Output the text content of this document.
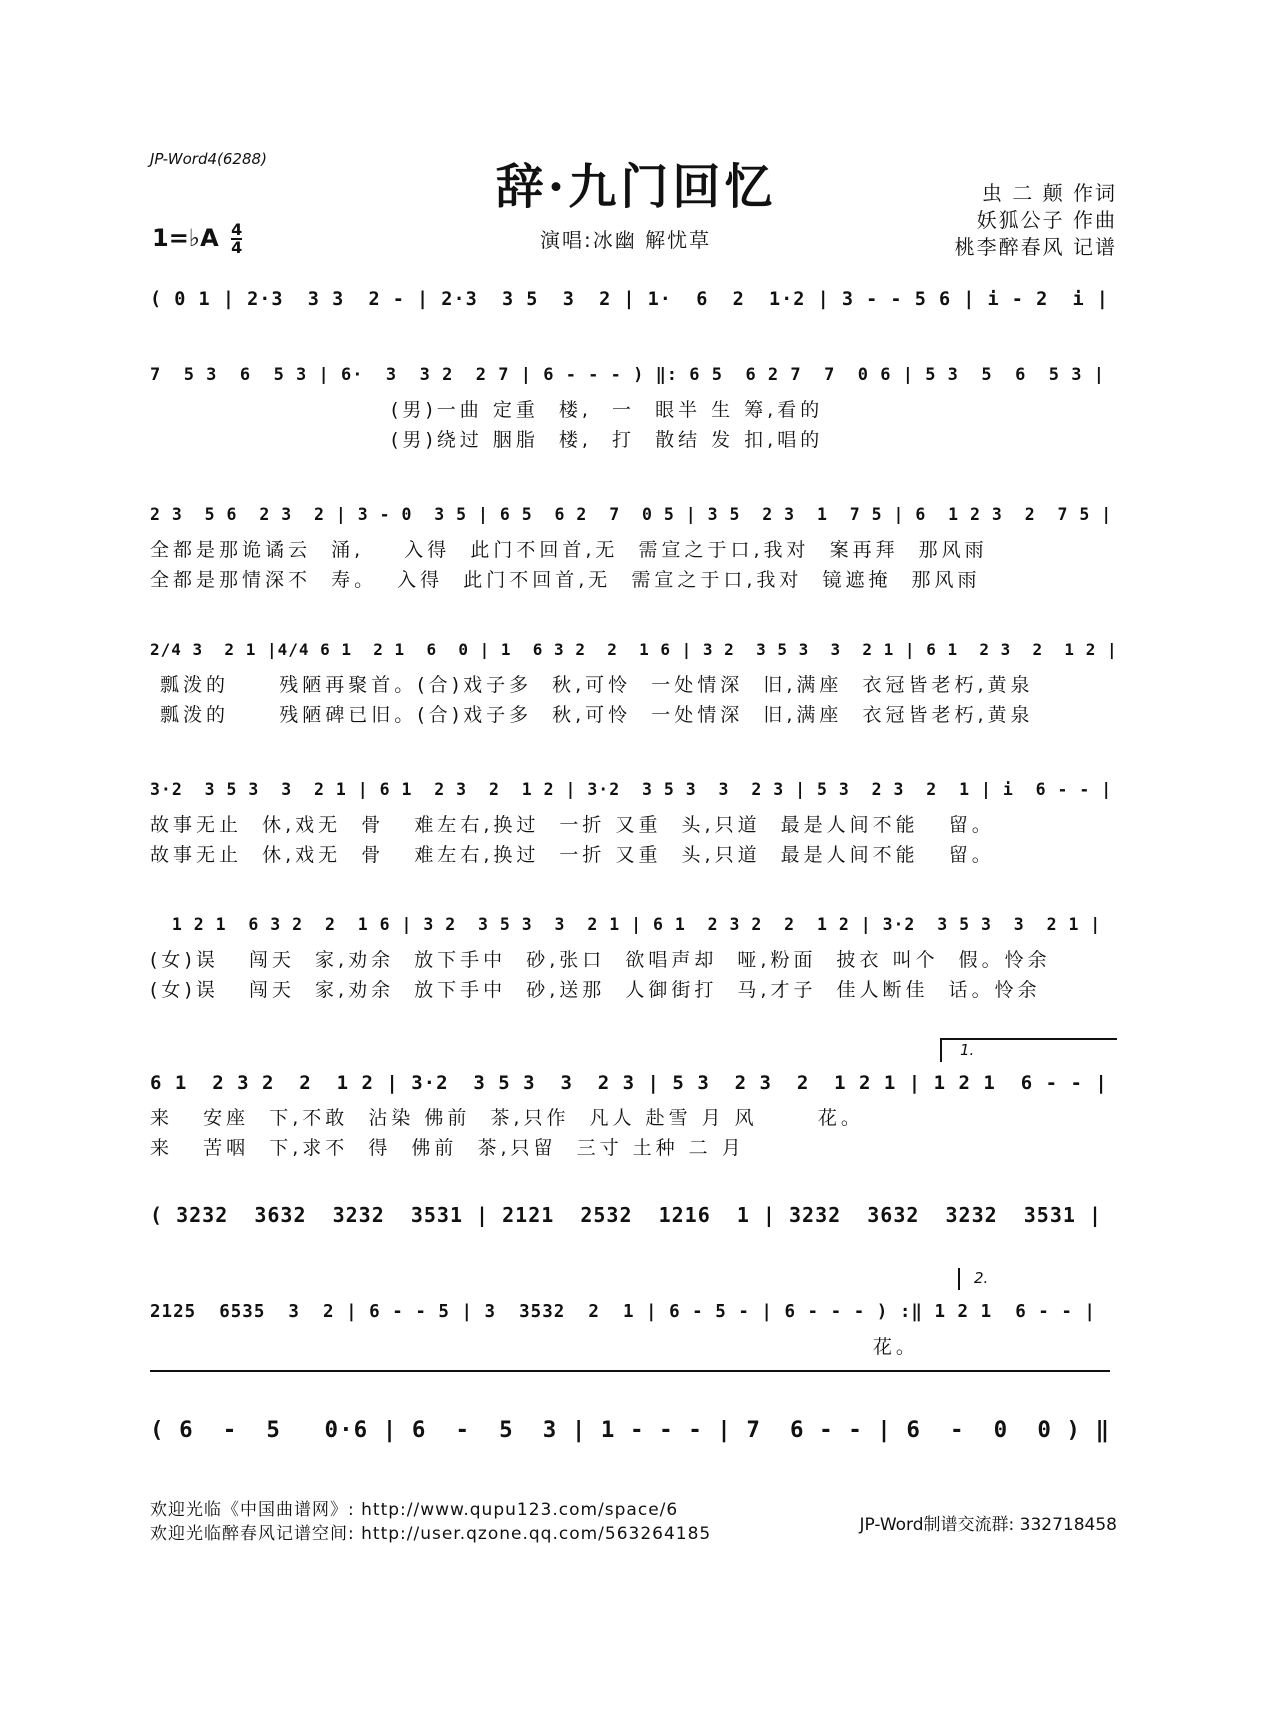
JP-Word4(6288)	辞·九门回忆
演唱:冰幽 解忧草
虫 二 颠 作词
妖狐公子 作曲
桃李醉春风 记谱
1=♭A $\frac{4}{4}$
( 0 1 | 2·3  3 3  2 - | 2·3  3 5  3  2 | 1·  6  2  1·2 | 3 - - 5 6 | i - 2  i |
7  5 3  6  5 3 | 6·  3  3 2  2 7 | 6 - - - ) ‖: 6 5  6 2 7  7  0 6 | 5 3  5  6  5 3 |
(男)一曲 定重  楼,  一  眼半 生 筹,看的
(男)绕过 胭脂  楼,  打  散结 发 扣,唱的
2 3  5 6  2 3  2 | 3 - 0  3 5 | 6 5  6 2  7  0 5 | 3 5  2 3  1  7 5 | 6  1 2 3  2  7 5 |
全都是那诡谲云  涌,    入得  此门不回首,无  需宣之于口,我对  案再拜  那风雨
全都是那情深不  寿。  入得  此门不回首,无  需宣之于口,我对  镜遮掩  那风雨
2/4 3  2 1 |4/4 6 1  2 1  6  0 | 1  6 3 2  2  1 6 | 3 2  3 5 3  3  2 1 | 6 1  2 3  2  1 2 |
瓢泼的     残陋再聚首。(合)戏子多  秋,可怜  一处情深  旧,满座  衣冠皆老朽,黄泉
瓢泼的     残陋碑已旧。(合)戏子多  秋,可怜  一处情深  旧,满座  衣冠皆老朽,黄泉
3·2  3 5 3  3  2 1 | 6 1  2 3  2  1 2 | 3·2  3 5 3  3  2 3 | 5 3  2 3  2  1 | i  6 - - |
故事无止  休,戏无  骨   难左右,换过  一折 又重  头,只道  最是人间不能   留。
故事无止  休,戏无  骨   难左右,换过  一折 又重  头,只道  最是人间不能   留。
1 2 1  6 3 2  2  1 6 | 3 2  3 5 3  3  2 1 | 6 1  2 3 2  2  1 2 | 3·2  3 5 3  3  2 1 |
(女)误   闯天  家,劝余  放下手中  砂,张口  欲唱声却  哑,粉面  披衣 叫个  假。怜余
(女)误   闯天  家,劝余  放下手中  砂,送那  人御街打  马,才子  佳人断佳  话。怜余
1.
6 1  2 3 2  2  1 2 | 3·2  3 5 3  3  2 3 | 5 3  2 3  2  1 2 1 | 1 2 1  6 - - |
来   安座  下,不敢  沾染 佛前  茶,只作  凡人 赴雪 月 风      花。
来   苦咽  下,求不  得  佛前  茶,只留  三寸 土种 二 月
( 3232  3632  3232  3531 | 2121  2532  1216  1 | 3232  3632  3232  3531 |
2.
2125  6535  3  2 | 6 - - 5 | 3  3532  2  1 | 6 - 5 - | 6 - - - ) :‖ 1 2 1  6 - - |
花。
( 6  -  5   0·6 | 6  -  5  3 | 1 - - - | 7  6 - - | 6  -  0  0 ) ‖
欢迎光临《中国曲谱网》: http://www.qupu123.com/space/6
欢迎光临醉春风记谱空间: http://user.qzone.qq.com/563264185	JP-Word制谱交流群: 332718458
